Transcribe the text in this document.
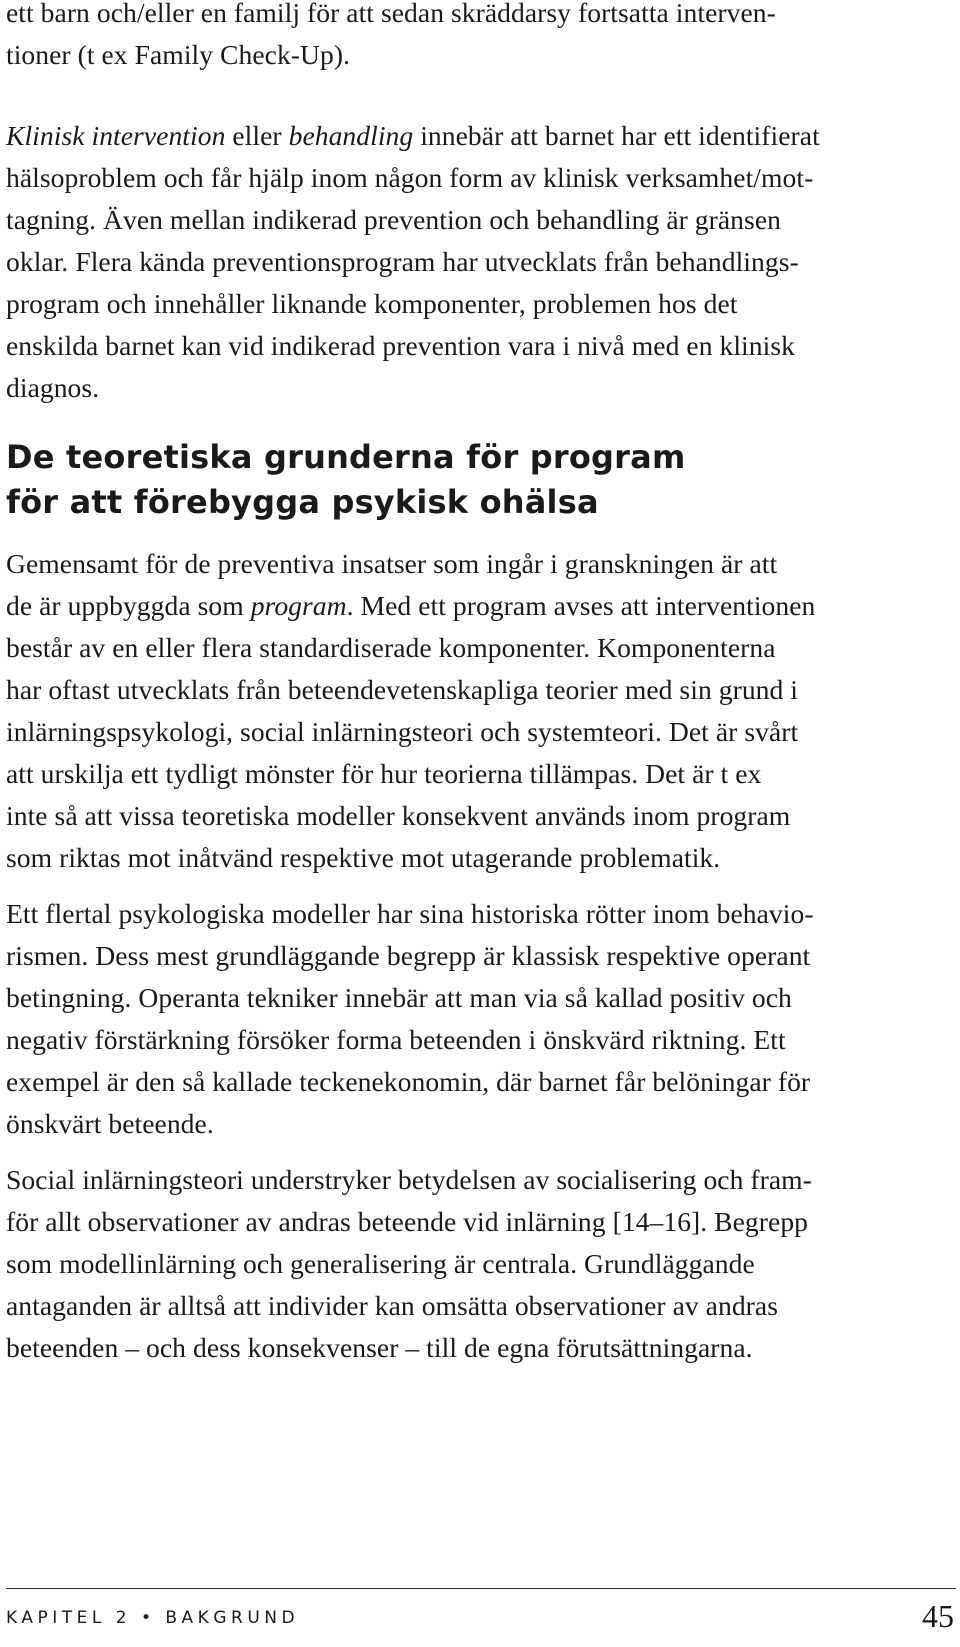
ett barn och/eller en familj för att sedan skräddarsy fortsatta interven-
tioner (t ex Family Check-Up).

Klinisk intervention eller behandling innebär att barnet har ett identifierat
hälsoproblem och får hjälp inom någon form av klinisk verksamhet/mot-
tagning. Även mellan indikerad prevention och behandling är gränsen
oklar. Flera kända preventionsprogram har utvecklats från behandlings-
program och innehåller liknande komponenter, problemen hos det
enskilda barnet kan vid indikerad prevention vara i nivå med en klinisk
diagnos.

De teoretiska grunderna för program
för att förebygga psykisk ohälsa

Gemensamt för de preventiva insatser som ingår i granskningen är att
de är uppbyggda som program. Med ett program avses att interventionen
består av en eller flera standardiserade komponenter. Komponenterna
har oftast utvecklats från beteendevetenskapliga teorier med sin grund i
inlärningspsykologi, social inlärningsteori och systemteori. Det är svårt
att urskilja ett tydligt mönster för hur teorierna tillämpas. Det är t ex
inte så att vissa teoretiska modeller konsekvent används inom program
som riktas mot inåtvänd respektive mot utagerande problematik.

Ett flertal psykologiska modeller har sina historiska rötter inom behavio-
rismen. Dess mest grundläggande begrepp är klassisk respektive operant
betingning. Operanta tekniker innebär att man via så kallad positiv och
negativ förstärkning försöker forma beteenden i önskvärd riktning. Ett
exempel är den så kallade teckenekonomin, där barnet får belöningar för
önskvärt beteende.

Social inlärningsteori understryker betydelsen av socialisering och fram-
för allt observationer av andras beteende vid inlärning [14–16]. Begrepp
som modellinlärning och generalisering är centrala. Grundläggande
antaganden är alltså att individer kan omsätta observationer av andras
beteenden – och dess konsekvenser – till de egna förutsättningarna.

KAPITEL 2 • BAKGRUND	45
